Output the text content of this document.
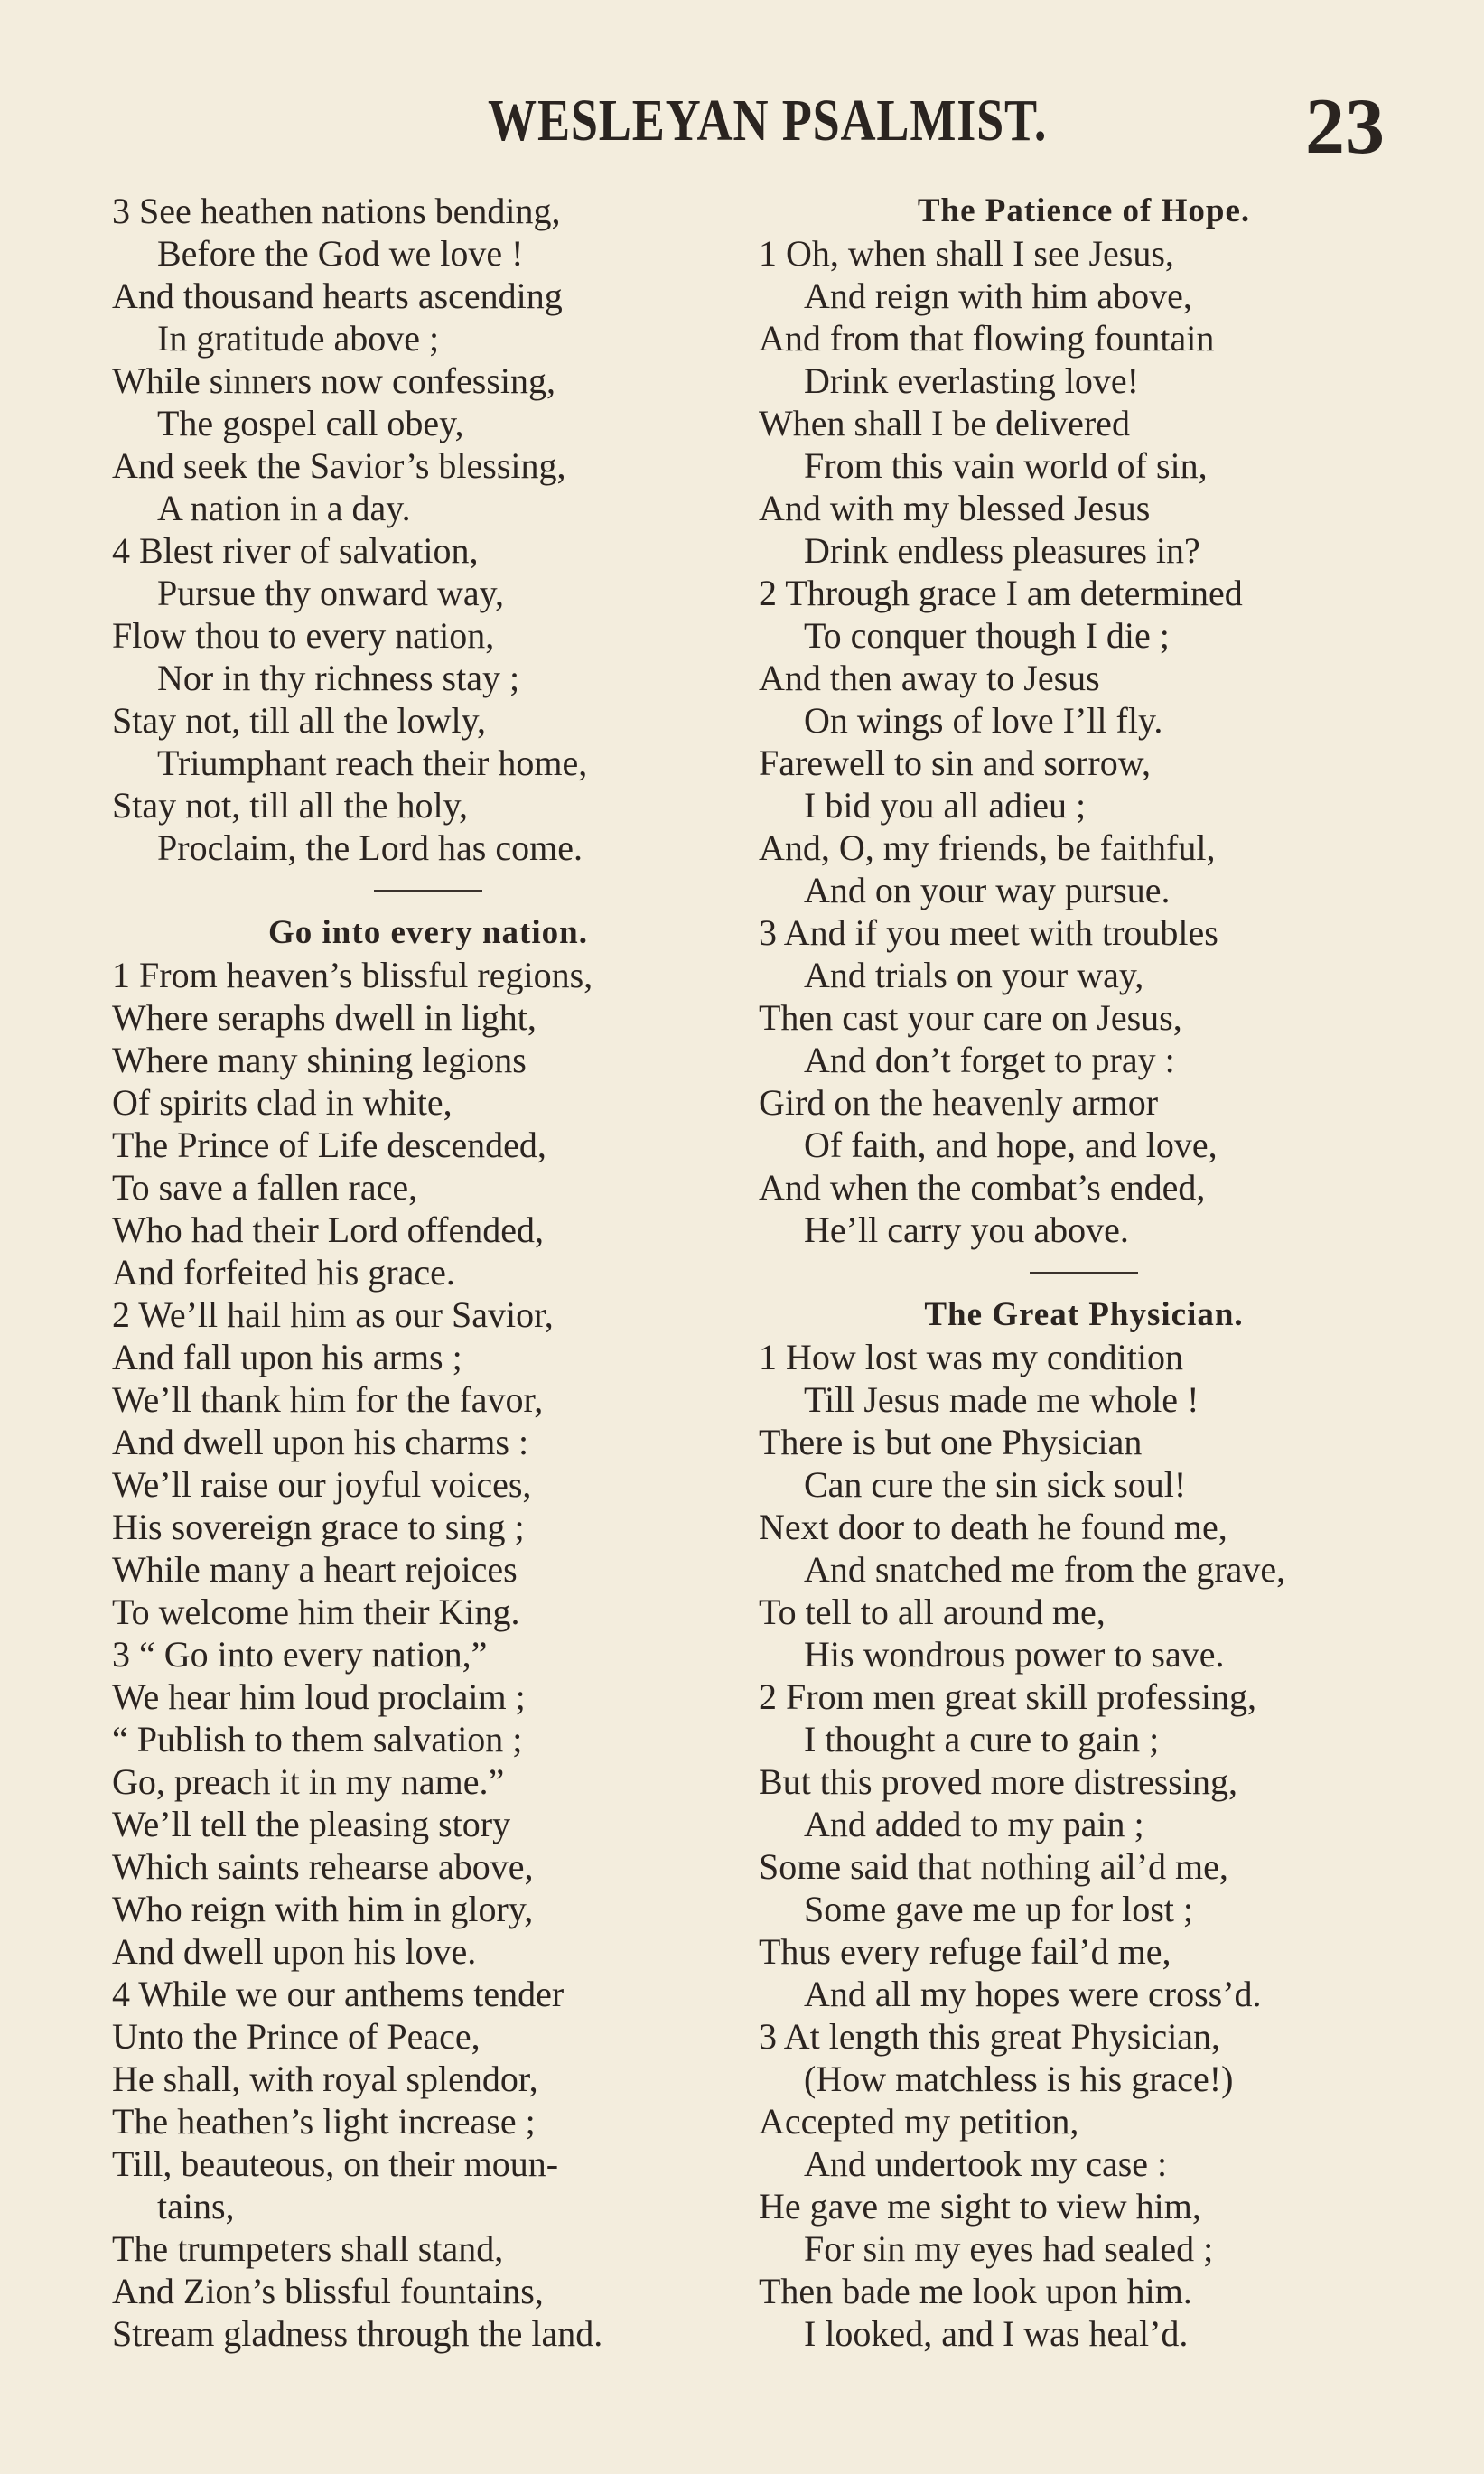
WESLEYAN PSALMIST.	23
3 See heathen nations bending,
Before the God we love !
And thousand hearts ascending
In gratitude above ;
While sinners now confessing,
The gospel call obey,
And seek the Savior’s blessing,
A nation in a day.
4 Blest river of salvation,
Pursue thy onward way,
Flow thou to every nation,
Nor in thy richness stay ;
Stay not, till all the lowly,
Triumphant reach their home,
Stay not, till all the holy,
Proclaim, the Lord has come.
Go into every nation.
1 From heaven’s blissful regions,
Where seraphs dwell in light,
Where many shining legions
Of spirits clad in white,
The Prince of Life descended,
To save a fallen race,
Who had their Lord offended,
And forfeited his grace.
2 We’ll hail him as our Savior,
And fall upon his arms ;
We’ll thank him for the favor,
And dwell upon his charms :
We’ll raise our joyful voices,
His sovereign grace to sing ;
While many a heart rejoices
To welcome him their King.
3 “ Go into every nation,”
We hear him loud proclaim ;
“ Publish to them salvation ;
Go, preach it in my name.”
We’ll tell the pleasing story
Which saints rehearse above,
Who reign with him in glory,
And dwell upon his love.
4 While we our anthems tender
Unto the Prince of Peace,
He shall, with royal splendor,
The heathen’s light increase ;
Till, beauteous, on their moun-
tains,
The trumpeters shall stand,
And Zion’s blissful fountains,
Stream gladness through the land.
The Patience of Hope.
1 Oh, when shall I see Jesus,
And reign with him above,
And from that flowing fountain
Drink everlasting love!
When shall I be delivered
From this vain world of sin,
And with my blessed Jesus
Drink endless pleasures in?
2 Through grace I am determined
To conquer though I die ;
And then away to Jesus
On wings of love I’ll fly.
Farewell to sin and sorrow,
I bid you all adieu ;
And, O, my friends, be faithful,
And on your way pursue.
3 And if you meet with troubles
And trials on your way,
Then cast your care on Jesus,
And don’t forget to pray :
Gird on the heavenly armor
Of faith, and hope, and love,
And when the combat’s ended,
He’ll carry you above.
The Great Physician.
1 How lost was my condition
Till Jesus made me whole !
There is but one Physician
Can cure the sin sick soul!
Next door to death he found me,
And snatched me from the grave,
To tell to all around me,
His wondrous power to save.
2 From men great skill professing,
I thought a cure to gain ;
But this proved more distressing,
And added to my pain ;
Some said that nothing ail’d me,
Some gave me up for lost ;
Thus every refuge fail’d me,
And all my hopes were cross’d.
3 At length this great Physician,
(How matchless is his grace!)
Accepted my petition,
And undertook my case :
He gave me sight to view him,
For sin my eyes had sealed ;
Then bade me look upon him.
I looked, and I was heal’d.
